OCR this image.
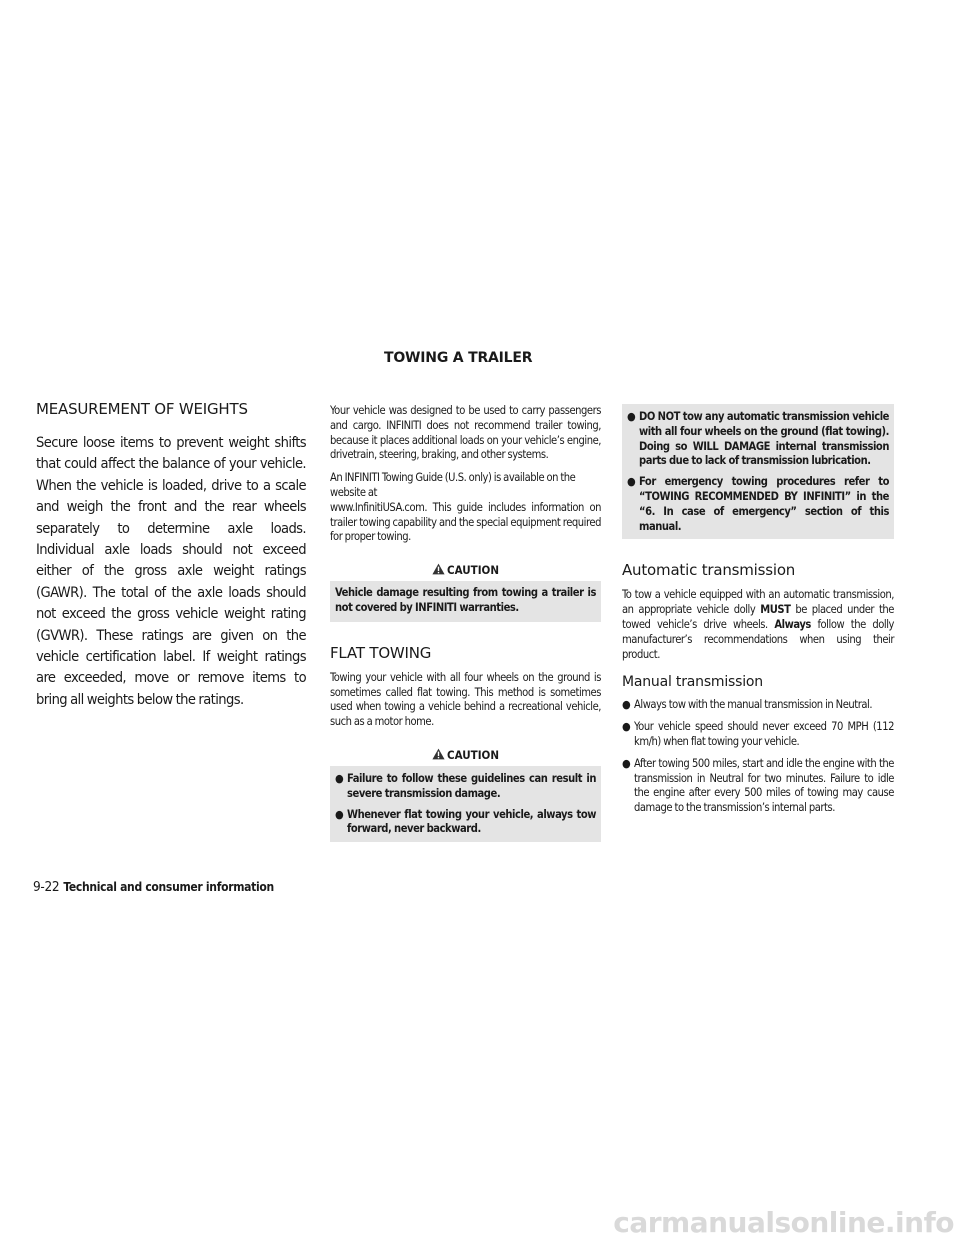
TOWING A TRAILER
MEASUREMENT OF WEIGHTS

Secure loose items to prevent weight shifts that could affect the balance of your vehicle. When the vehicle is loaded, drive to a scale and weigh the front and the rear wheels separately to determine axle loads. Individual axle loads should not exceed either of the gross axle weight ratings (GAWR). The total of the axle loads should not exceed the gross vehicle weight rating (GVWR). These ratings are given on the vehicle certification label. If weight ratings are exceeded, move or remove items to bring all weights below the ratings.

Your vehicle was designed to be used to carry passengers and cargo. INFINITI does not recommend trailer towing, because it places additional loads on your vehicle’s engine, drivetrain, steering, braking, and other systems.

An INFINITI Towing Guide (U.S. only) is available on the website at

www.InfinitiUSA.com. This guide includes information on trailer towing capability and the special equipment required for proper towing.

CAUTION

Vehicle damage resulting from towing a trailer is not covered by INFINITI warranties.

FLAT TOWING

Towing your vehicle with all four wheels on the ground is sometimes called flat towing. This method is sometimes used when towing a vehicle behind a recreational vehicle, such as a motor home.

CAUTION
● Failure to follow these guidelines can result in severe transmission damage.
● Whenever flat towing your vehicle, always tow forward, never backward.
● DO NOT tow any automatic transmission vehicle with all four wheels on the ground (flat towing). Doing so WILL DAMAGE internal transmission parts due to lack of transmission lubrication.
● For emergency towing procedures refer to “TOWING RECOMMENDED BY INFINITI” in the “6. In case of emergency” section of this manual.
Automatic transmission

To tow a vehicle equipped with an automatic transmission, an appropriate vehicle dolly MUST be placed under the towed vehicle’s drive wheels. Always follow the dolly manufacturer’s recommendations when using their product.

Manual transmission
● Always tow with the manual transmission in Neutral.
● Your vehicle speed should never exceed 70 MPH (112 km/h) when flat towing your vehicle.
● After towing 500 miles, start and idle the engine with the transmission in Neutral for two minutes. Failure to idle the engine after every 500 miles of towing may cause damage to the transmission’s internal parts.
9-22 Technical and consumer information
carmanualsonline.info
